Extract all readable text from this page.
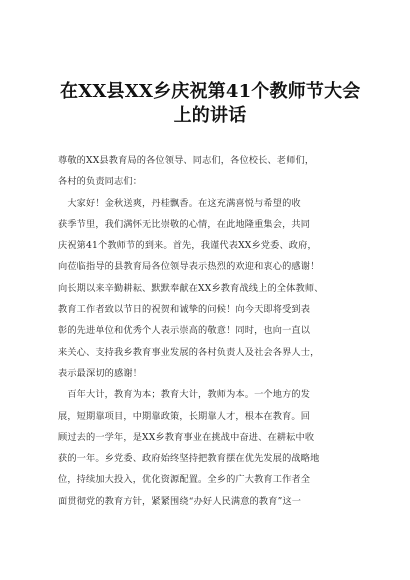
在XX县XX乡庆祝第41个教师节大会
上的讲话
尊敬的XX县教育局的各位领导、同志们，各位校长、老师们，
各村的负责同志们：
　大家好！金秋送爽，丹桂飘香。在这充满喜悦与希望的收
获季节里，我们满怀无比崇敬的心情，在此地隆重集会，共同
庆祝第41个教师节的到来。首先，我谨代表XX乡党委、政府，
向莅临指导的县教育局各位领导表示热烈的欢迎和衷心的感谢！
向长期以来辛勤耕耘、默默奉献在XX乡教育战线上的全体教师、
教育工作者致以节日的祝贺和诚挚的问候！向今天即将受到表
彰的先进单位和优秀个人表示崇高的敬意！同时，也向一直以
来关心、支持我乡教育事业发展的各村负责人及社会各界人士，
表示最深切的感谢！
　百年大计，教育为本；教育大计，教师为本。一个地方的发
展，短期靠项目，中期靠政策，长期靠人才，根本在教育。回
顾过去的一学年，是XX乡教育事业在挑战中奋进、在耕耘中收
获的一年。乡党委、政府始终坚持把教育摆在优先发展的战略地
位，持续加大投入，优化资源配置。全乡的广大教育工作者全
面贯彻党的教育方针，紧紧围绕“办好人民满意的教育”这一
